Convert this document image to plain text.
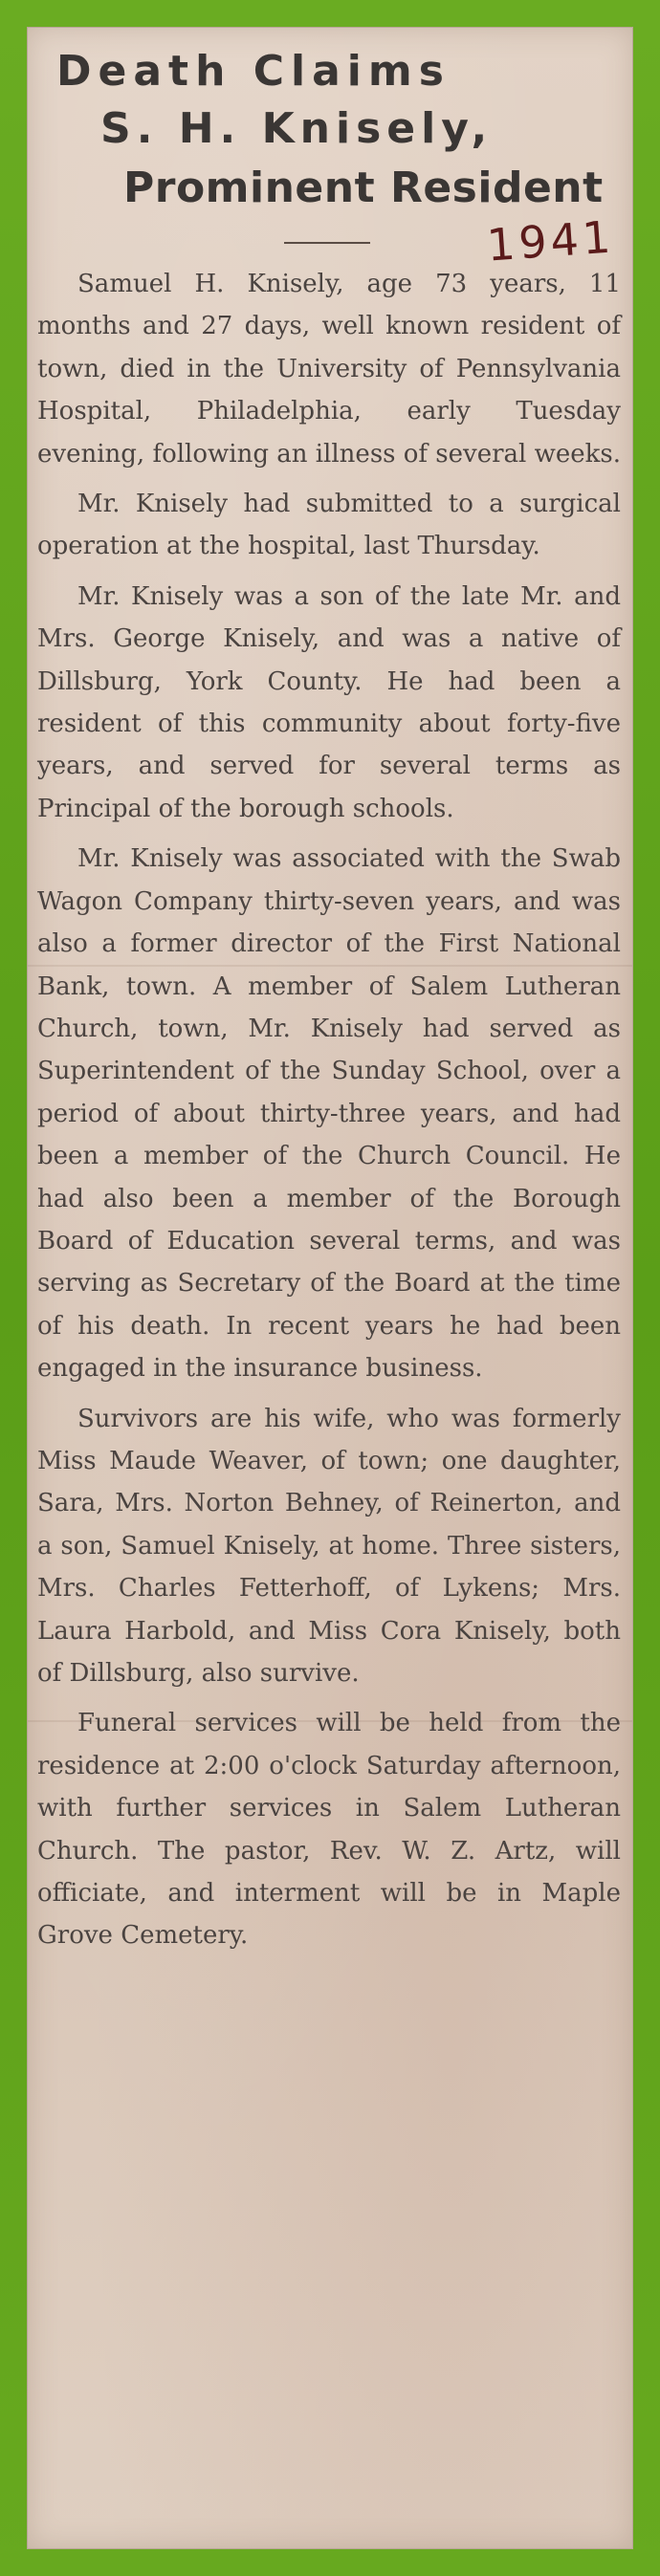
Death Claims
S. H. Knisely,
Prominent Resident
1941

Samuel H. Knisely, age 73 years, 11 months and 27 days, well known resident of town, died in the University of Pennsylvania Hospital, Philadelphia, early Tuesday evening, following an illness of several weeks.

Mr. Knisely had submitted to a surgical operation at the hospital, last Thursday.

Mr. Knisely was a son of the late Mr. and Mrs. George Knisely, and was a native of Dillsburg, York County. He had been a resident of this community about forty-five years, and served for several terms as Principal of the borough schools.

Mr. Knisely was associated with the Swab Wagon Company thirty-seven years, and was also a former director of the First National Bank, town. A member of Salem Lutheran Church, town, Mr. Knisely had served as Superintendent of the Sunday School, over a period of about thirty-three years, and had been a member of the Church Council. He had also been a member of the Borough Board of Education several terms, and was serving as Secretary of the Board at the time of his death. In recent years he had been engaged in the insurance business.

Survivors are his wife, who was formerly Miss Maude Weaver, of town; one daughter, Sara, Mrs. Norton Behney, of Reinerton, and a son, Samuel Knisely, at home. Three sisters, Mrs. Charles Fetterhoff, of Lykens; Mrs. Laura Harbold, and Miss Cora Knisely, both of Dillsburg, also survive.

Funeral services will be held from the residence at 2:00 o'clock Saturday afternoon, with further services in Salem Lutheran Church. The pastor, Rev. W. Z. Artz, will officiate, and interment will be in Maple Grove Cemetery.
